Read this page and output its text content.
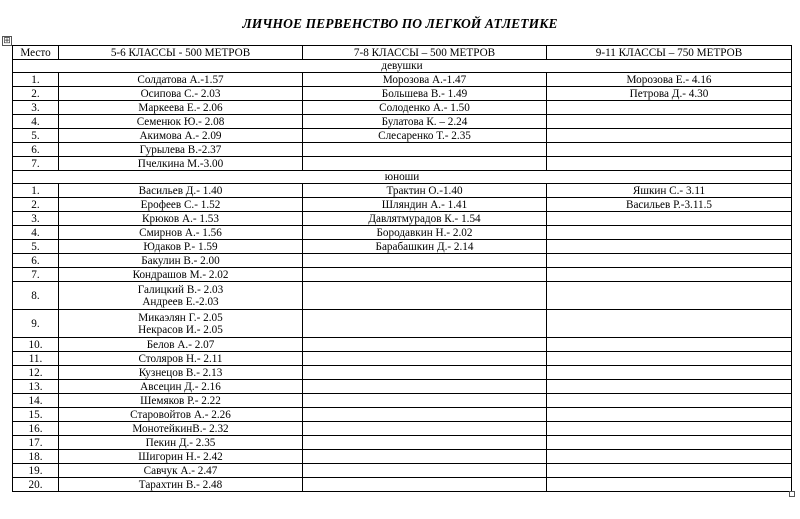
ЛИЧНОЕ ПЕРВЕНСТВО ПО ЛЕГКОЙ АТЛЕТИКЕ
⊞
Место	5-6 КЛАССЫ - 500 МЕТРОВ	7-8 КЛАССЫ – 500 МЕТРОВ	9-11 КЛАССЫ – 750 МЕТРОВ
девушки			
1.	Солдатова А.-1.57	Морозова А.-1.47	Морозова Е.- 4.16
2.	Осипова С.- 2.03	Большева В.- 1.49	Петрова Д.- 4.30
3.	Маркеева Е.- 2.06	Солоденко А.- 1.50	
4.	Семенюк Ю.- 2.08	Булатова К. – 2.24	
5.	Акимова А.- 2.09	Слесаренко Т.- 2.35	
6.	Гурылева В.-2.37		
7.	Пчелкина М.-3.00		
юноши			
1.	Васильев Д.- 1.40	Трактин О.-1.40	Яшкин С.- 3.11
2.	Ерофеев С.- 1.52	Шляндин А.- 1.41	Васильев Р.-3.11.5
3.	Крюков А.- 1.53	Давлятмурадов К.- 1.54	
4.	Смирнов А.- 1.56	Бородавкин Н.- 2.02	
5.	Юдаков Р.- 1.59	Барабашкин Д.- 2.14	
6.	Бакулин В.- 2.00		
7.	Кондрашов М.- 2.02		
8.	Галицкий В.- 2.03
Андреев Е.-2.03		

9.	Микаэлян Г.- 2.05
Некрасов И.- 2.05		

10.	Белов А.- 2.07		
11.	Столяров Н.- 2.11		
12.	Кузнецов В.- 2.13		
13.	Авсецин Д.- 2.16		
14.	Шемяков Р.- 2.22		
15.	Старовойтов А.- 2.26		
16.	МонотейкинВ.- 2.32		
17.	Пекин Д.- 2.35		
18.	Шигорин Н.- 2.42		
19.	Савчук А.- 2.47		
20.	Тарахтин В.- 2.48		
